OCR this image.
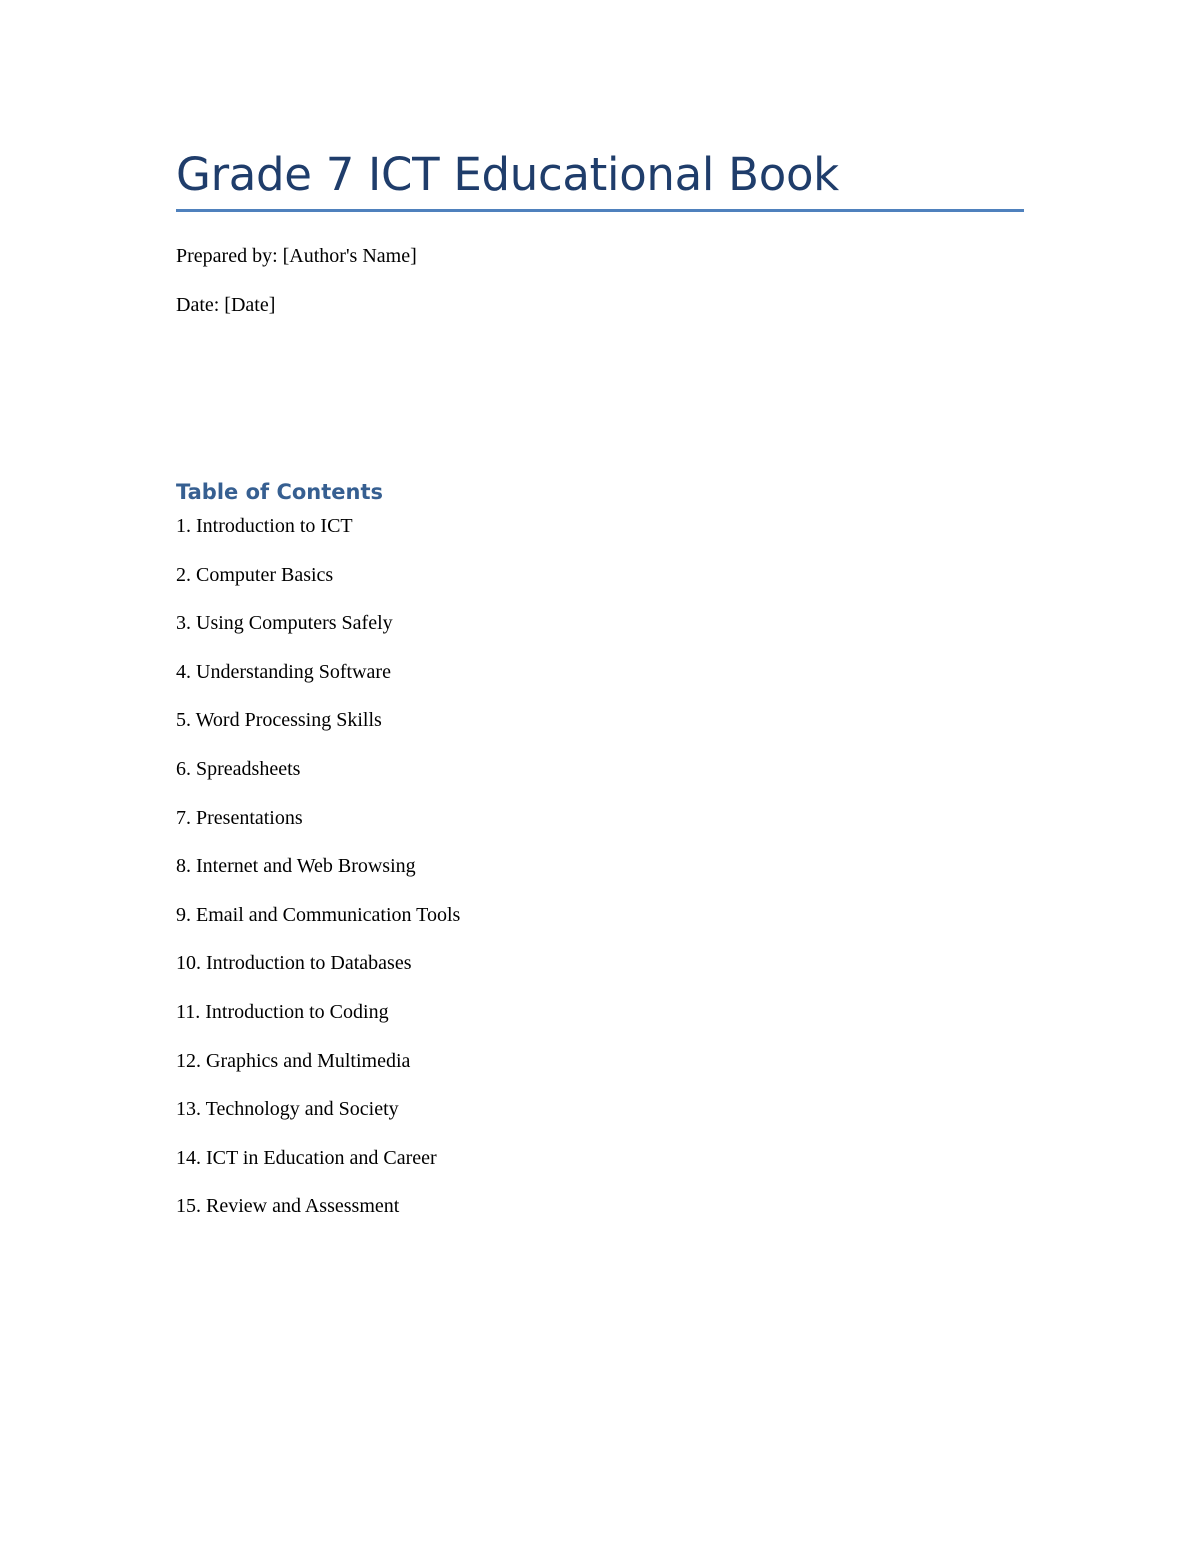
Grade 7 ICT Educational Book

Prepared by: [Author's Name]

Date: [Date]

Table of Contents
1. Introduction to ICT
2. Computer Basics
3. Using Computers Safely
4. Understanding Software
5. Word Processing Skills
6. Spreadsheets
7. Presentations
8. Internet and Web Browsing
9. Email and Communication Tools
10. Introduction to Databases
11. Introduction to Coding
12. Graphics and Multimedia
13. Technology and Society
14. ICT in Education and Career
15. Review and Assessment
